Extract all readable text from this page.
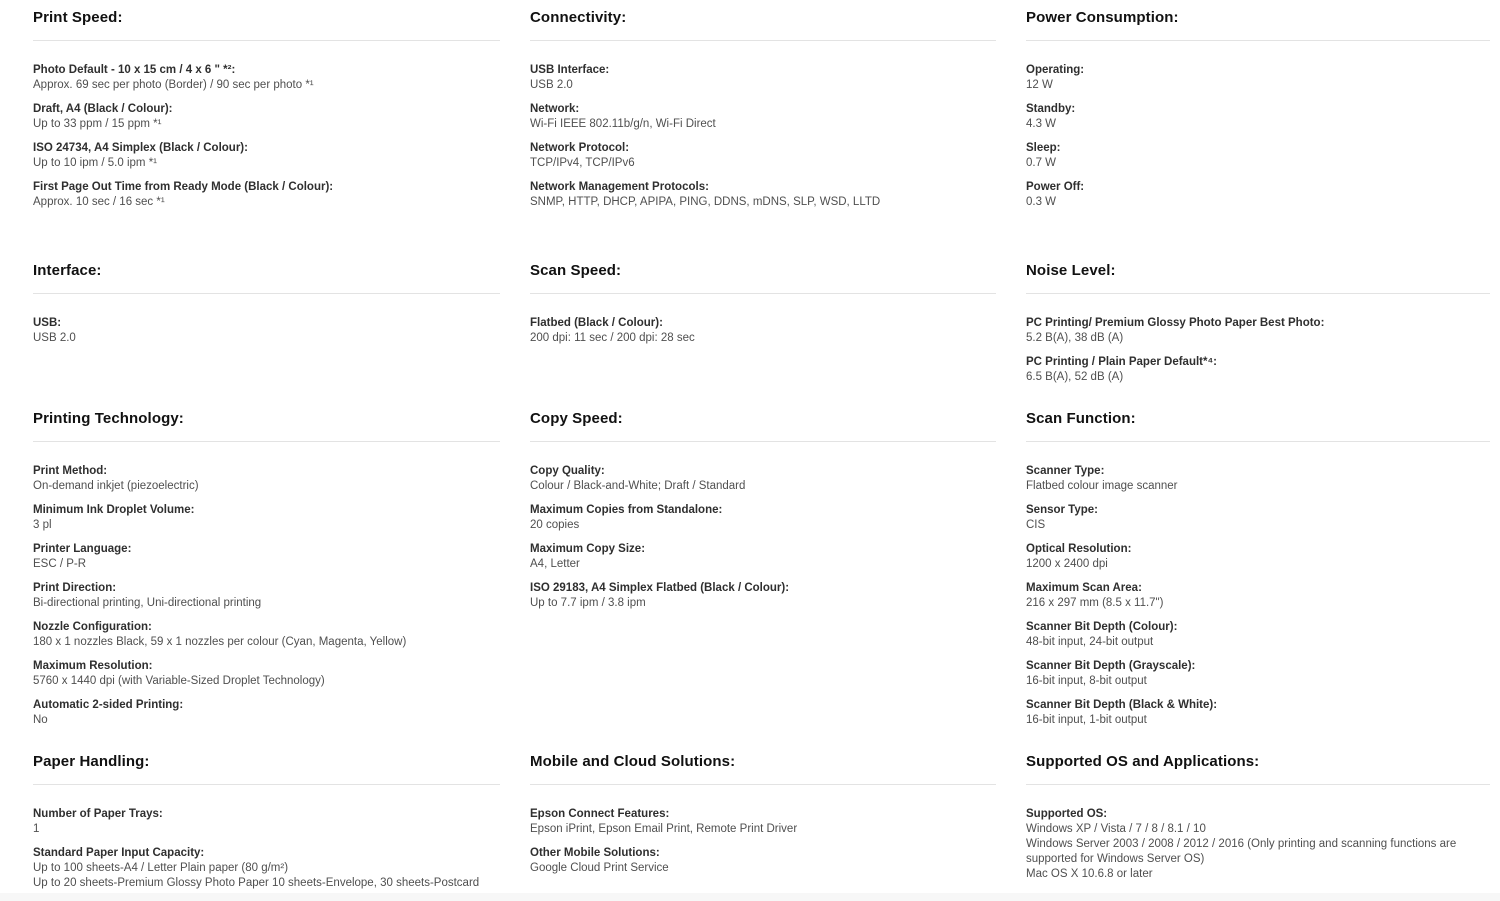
Print Speed:
Photo Default - 10 x 15 cm / 4 x 6 " *²:
Approx. 69 sec per photo (Border) / 90 sec per photo *¹
Draft, A4 (Black / Colour):
Up to 33 ppm / 15 ppm *¹
ISO 24734, A4 Simplex (Black / Colour):
Up to 10 ipm / 5.0 ipm *¹
First Page Out Time from Ready Mode (Black / Colour):
Approx. 10 sec / 16 sec *¹
Connectivity:
USB Interface:
USB 2.0
Network:
Wi-Fi IEEE 802.11b/g/n, Wi-Fi Direct
Network Protocol:
TCP/IPv4, TCP/IPv6
Network Management Protocols:
SNMP, HTTP, DHCP, APIPA, PING, DDNS, mDNS, SLP, WSD, LLTD
Power Consumption:
Operating:
12 W
Standby:
4.3 W
Sleep:
0.7 W
Power Off:
0.3 W
Interface:
USB:
USB 2.0
Scan Speed:
Flatbed (Black / Colour):
200 dpi: 11 sec / 200 dpi: 28 sec
Noise Level:
PC Printing/ Premium Glossy Photo Paper Best Photo:
5.2 B(A), 38 dB (A)
PC Printing / Plain Paper Default*⁴:
6.5 B(A), 52 dB (A)
Printing Technology:
Print Method:
On-demand inkjet (piezoelectric)
Minimum Ink Droplet Volume:
3 pl
Printer Language:
ESC / P-R
Print Direction:
Bi-directional printing, Uni-directional printing
Nozzle Configuration:
180 x 1 nozzles Black, 59 x 1 nozzles per colour (Cyan, Magenta, Yellow)
Maximum Resolution:
5760 x 1440 dpi (with Variable-Sized Droplet Technology)
Automatic 2-sided Printing:
No
Copy Speed:
Copy Quality:
Colour / Black-and-White; Draft / Standard
Maximum Copies from Standalone:
20 copies
Maximum Copy Size:
A4, Letter
ISO 29183, A4 Simplex Flatbed (Black / Colour):
Up to 7.7 ipm / 3.8 ipm
Scan Function:
Scanner Type:
Flatbed colour image scanner
Sensor Type:
CIS
Optical Resolution:
1200 x 2400 dpi
Maximum Scan Area:
216 x 297 mm (8.5 x 11.7")
Scanner Bit Depth (Colour):
48-bit input, 24-bit output
Scanner Bit Depth (Grayscale):
16-bit input, 8-bit output
Scanner Bit Depth (Black & White):
16-bit input, 1-bit output
Paper Handling:
Number of Paper Trays:
1
Standard Paper Input Capacity:
Up to 100 sheets-A4 / Letter Plain paper (80 g/m²)
Up to 20 sheets-Premium Glossy Photo Paper 10 sheets-Envelope, 30 sheets-Postcard
Mobile and Cloud Solutions:
Epson Connect Features:
Epson iPrint, Epson Email Print, Remote Print Driver
Other Mobile Solutions:
Google Cloud Print Service
Supported OS and Applications:
Supported OS:
Windows XP / Vista / 7 / 8 / 8.1 / 10
Windows Server 2003 / 2008 / 2012 / 2016 (Only printing and scanning functions are supported for Windows Server OS)
Mac OS X 10.6.8 or later
